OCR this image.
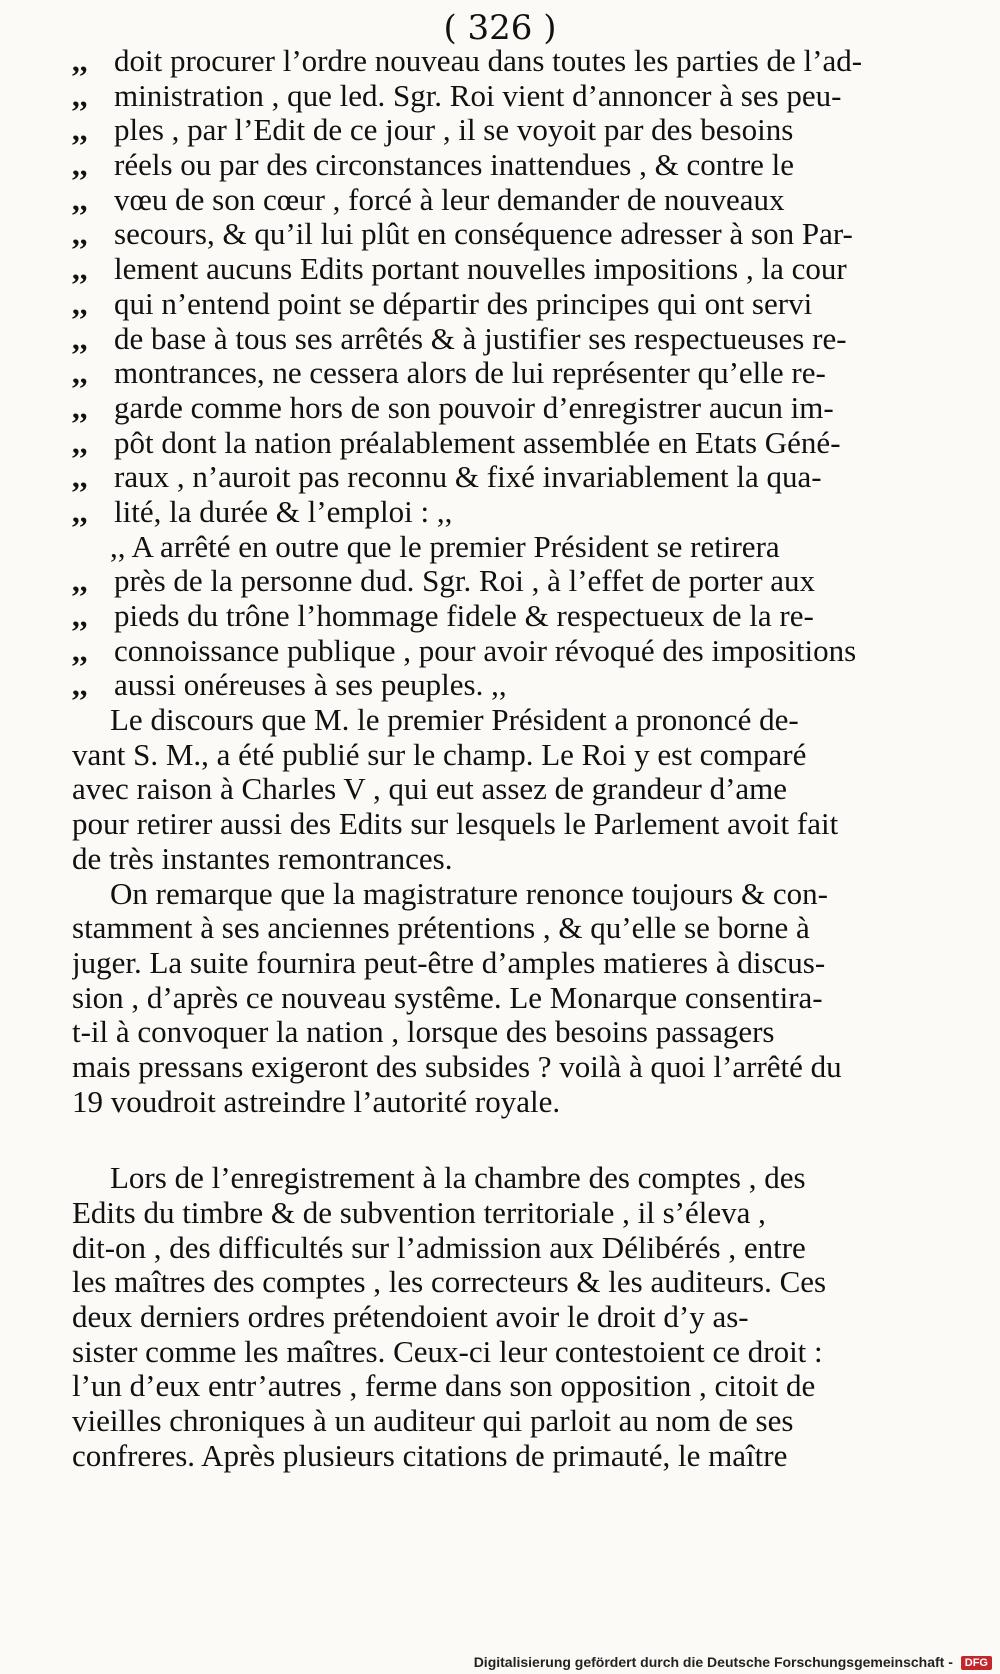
( 326 )
,, doit procurer l’ordre nouveau dans toutes les parties de l’ad-
,, ministration , que led. Sgr. Roi vient d’annoncer à ses peu-
,, ples , par l’Edit de ce jour , il se voyoit par des besoins
,, réels ou par des circonstances inattendues , & contre le
,, vœu de son cœur , forcé à leur demander de nouveaux
,, secours, & qu’il lui plût en conséquence adresser à son Par-
,, lement aucuns Edits portant nouvelles impositions , la cour
,, qui n’entend point se départir des principes qui ont servi
,, de base à tous ses arrêtés & à justifier ses respectueuses re-
,, montrances, ne cessera alors de lui représenter qu’elle re-
,, garde comme hors de son pouvoir d’enregistrer aucun im-
,, pôt dont la nation préalablement assemblée en Etats Géné-
,, raux , n’auroit pas reconnu & fixé invariablement la qua-
,, lité, la durée & l’emploi : ,,
,, A arrêté en outre que le premier Président se retirera
,, près de la personne dud. Sgr. Roi , à l’effet de porter aux
,, pieds du trône l’hommage fidele & respectueux de la re-
,, connoissance publique , pour avoir révoqué des impositions
,, aussi onéreuses à ses peuples. ,,
Le discours que M. le premier Président a prononcé de-
vant S. M., a été publié sur le champ. Le Roi y est comparé
avec raison à Charles V , qui eut assez de grandeur d’ame
pour retirer aussi des Edits sur lesquels le Parlement avoit fait
de très instantes remontrances.
On remarque que la magistrature renonce toujours & con-
stamment à ses anciennes prétentions , & qu’elle se borne à
juger. La suite fournira peut-être d’amples matieres à discus-
sion , d’après ce nouveau systême. Le Monarque consentira-
t-il à convoquer la nation , lorsque des besoins passagers
mais pressans exigeront des subsides ? voilà à quoi l’arrêté du
19 voudroit astreindre l’autorité royale.
Lors de l’enregistrement à la chambre des comptes , des
Edits du timbre & de subvention territoriale , il s’éleva ,
dit-on , des difficultés sur l’admission aux Délibérés , entre
les maîtres des comptes , les correcteurs & les auditeurs. Ces
deux derniers ordres prétendoient avoir le droit d’y as-
sister comme les maîtres. Ceux-ci leur contestoient ce droit :
l’un d’eux entr’autres , ferme dans son opposition , citoit de
vieilles chroniques à un auditeur qui parloit au nom de ses
confreres. Après plusieurs citations de primauté, le maître
Digitalisierung gefördert durch die Deutsche Forschungsgemeinschaft - DFG
